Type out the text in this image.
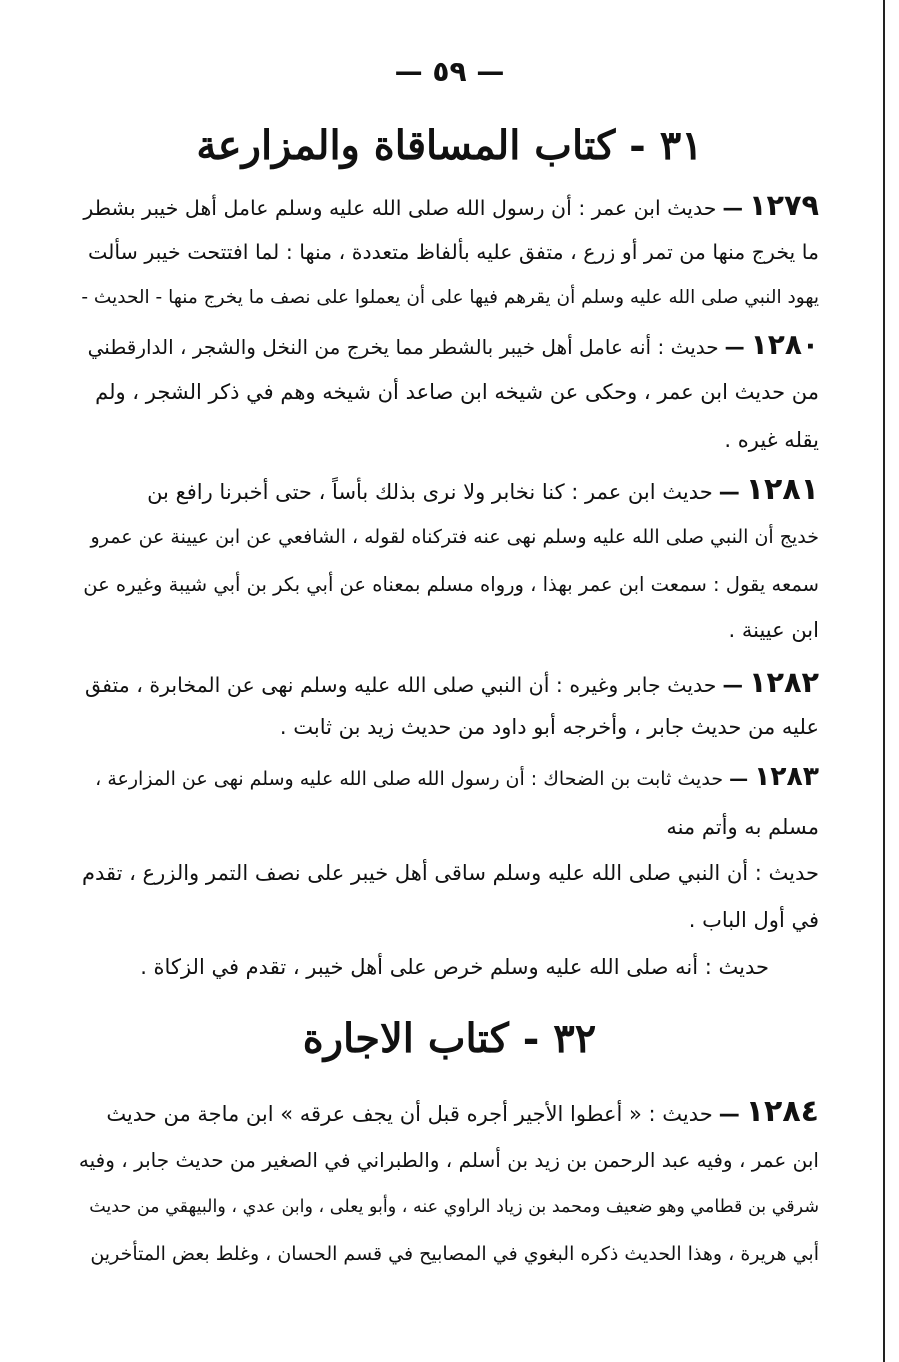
— ٥٩ —
٣١ - كتاب المساقاة والمزارعة
١٢٧٩—حديث ابن عمر : أن رسول الله صلى الله عليه وسلم عامل أهل خيبر بشطر
ما يخرج منها من تمر أو زرع ، متفق عليه بألفاظ متعددة ، منها : لما افتتحت خيبر سألت
يهود النبي صلى الله عليه وسلم أن يقرهم فيها على أن يعملوا على نصف ما يخرج منها - الحديث -
١٢٨٠—حديث : أنه عامل أهل خيبر بالشطر مما يخرج من النخل والشجر ، الدارقطني
من حديث ابن عمر ، وحكى عن شيخه ابن صاعد أن شيخه وهم في ذكر الشجر ، ولم
يقله غيره .
١٢٨١—حديث ابن عمر : كنا نخابر ولا نرى بذلك بأساً ، حتى أخبرنا رافع بن
خديج أن النبي صلى الله عليه وسلم نهى عنه فتركناه لقوله ، الشافعي عن ابن عيينة عن عمرو
سمعه يقول : سمعت ابن عمر بهذا ، ورواه مسلم بمعناه عن أبي بكر بن أبي شيبة وغيره عن
ابن عيينة .
١٢٨٢—حديث جابر وغيره : أن النبي صلى الله عليه وسلم نهى عن المخابرة ، متفق
عليه من حديث جابر ، وأخرجه أبو داود من حديث زيد بن ثابت .
١٢٨٣—حديث ثابت بن الضحاك : أن رسول الله صلى الله عليه وسلم نهى عن المزارعة ،
مسلم به وأتم منه
حديث : أن النبي صلى الله عليه وسلم ساقى أهل خيبر على نصف التمر والزرع ، تقدم
في أول الباب .
حديث : أنه صلى الله عليه وسلم خرص على أهل خيبر ، تقدم في الزكاة .
٣٢ - كتاب الاجارة
١٢٨٤—حديث : « أعطوا الأجير أجره قبل أن يجف عرقه » ابن ماجة من حديث
ابن عمر ، وفيه عبد الرحمن بن زيد بن أسلم ، والطبراني في الصغير من حديث جابر ، وفيه
شرقي بن قطامي وهو ضعيف ومحمد بن زياد الراوي عنه ، وأبو يعلى ، وابن عدي ، والبيهقي من حديث
أبي هريرة ، وهذا الحديث ذكره البغوي في المصابيح في قسم الحسان ، وغلط بعض المتأخرين
